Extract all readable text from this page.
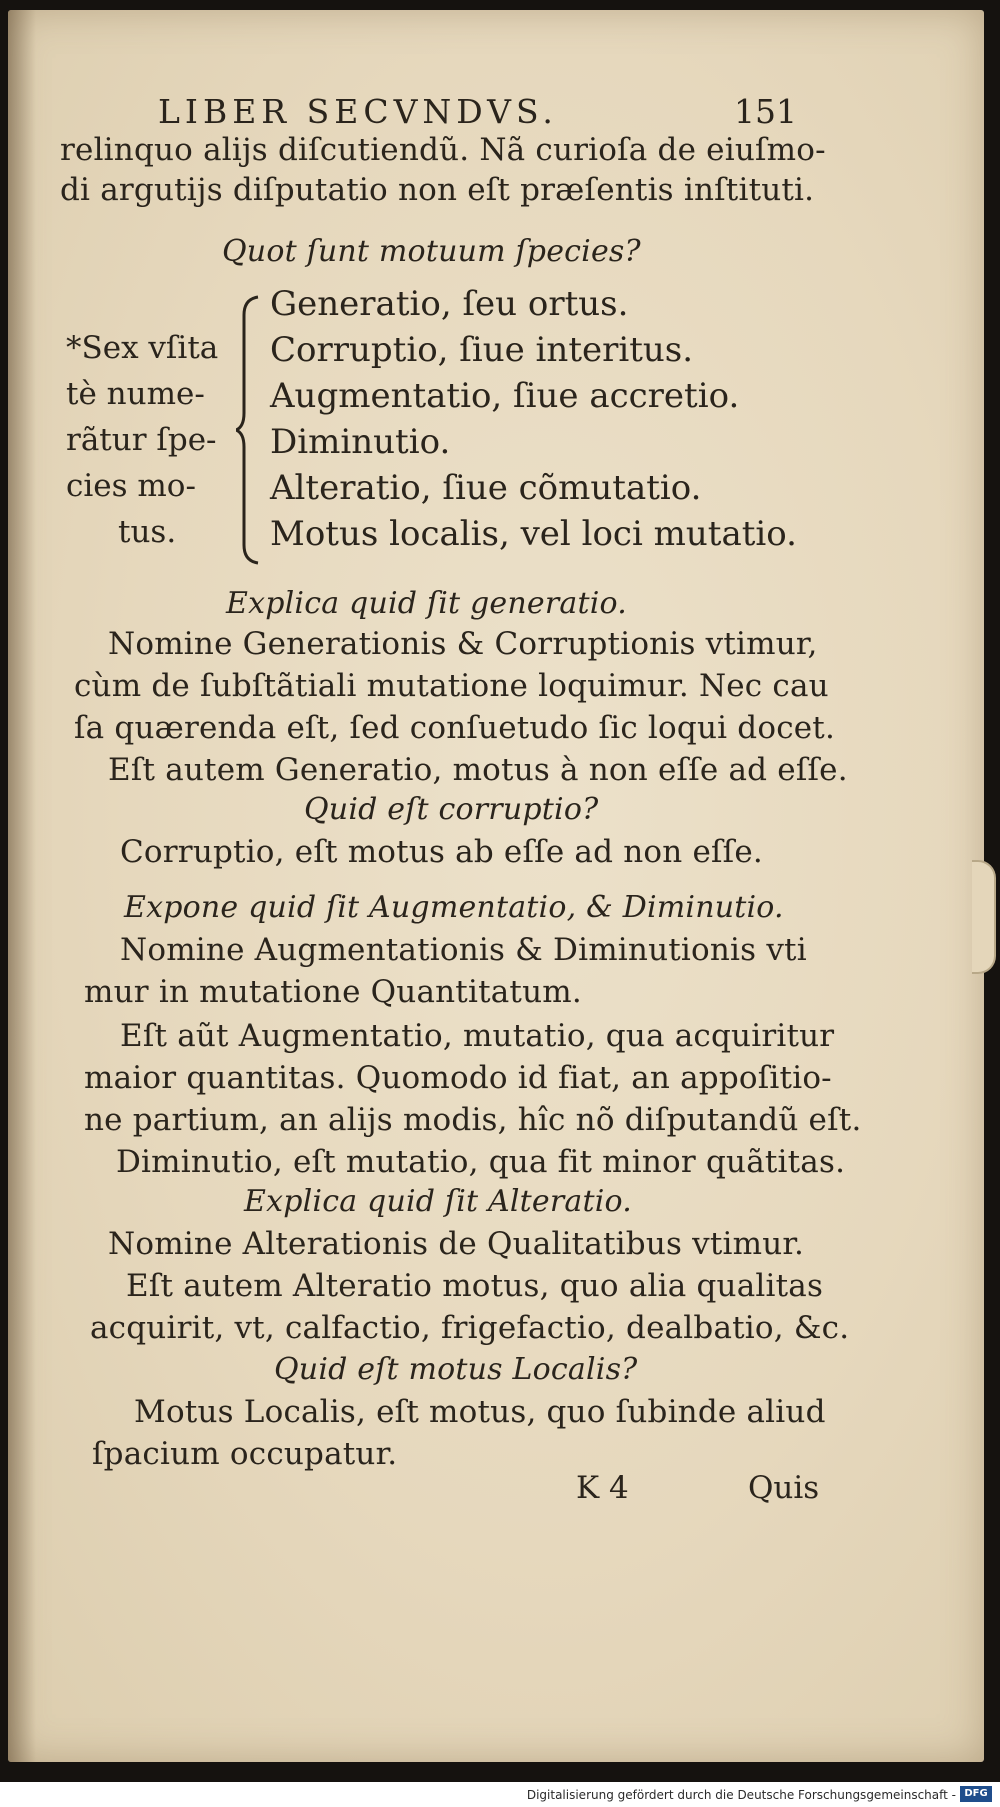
LIBER SECVNDVS.	151
relinquo alijs diſcutiendũ. Nã curioſa de eiuſmo-
di argutijs diſputatio non eſt præſentis inſtituti.
Quot ſunt motuum ſpecies?
*Sex vſita
tè nume-
rãtur ſpe-
cies mo-
tus.
Generatio, ſeu ortus.
Corruptio, ſiue interitus.
Augmentatio, ſiue accretio.
Diminutio.
Alteratio, ſiue cõmutatio.
Motus localis, vel loci mutatio.
Explica quid ſit generatio.
Nomine Generationis & Corruptionis vtimur,
cùm de ſubſtãtiali mutatione loquimur. Nec cau
ſa quærenda eſt, ſed conſuetudo ſic loqui docet.
Eſt autem Generatio, motus à non eſſe ad eſſe.
Quid eſt corruptio?
Corruptio, eſt motus ab eſſe ad non eſſe.
Expone quid ſit Augmentatio, & Diminutio.
Nomine Augmentationis & Diminutionis vti
mur in mutatione Quantitatum.
Eſt aũt Augmentatio, mutatio, qua acquiritur
maior quantitas. Quomodo id fiat, an appoſitio-
ne partium, an alijs modis, hîc nõ diſputandũ eſt.
Diminutio, eſt mutatio, qua fit minor quãtitas.
Explica quid ſit Alteratio.
Nomine Alterationis de Qualitatibus vtimur.
Eſt autem Alteratio motus, quo alia qualitas
acquirit, vt, calfactio, frigefactio, dealbatio, &c.
Quid eſt motus Localis?
Motus Localis, eſt motus, quo ſubinde aliud
ſpacium occupatur.
K 4	Quis
Digitalisierung gefördert durch die Deutsche Forschungsgemeinschaft - DFG
